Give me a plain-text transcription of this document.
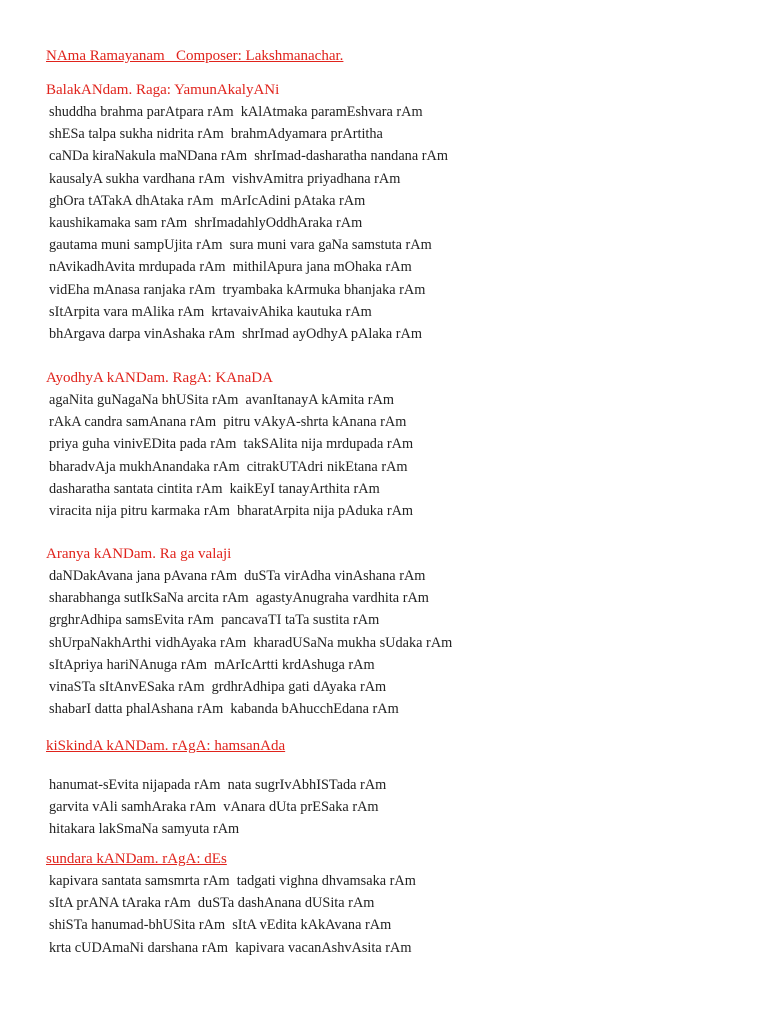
NAma Ramayanam   Composer: Lakshmanachar.
BalakANdam. Raga: YamunAkalyANi
shuddha brahma parAtpara rAm  kAlAtmaka paramEshvara rAm
shESa talpa sukha nidrita rAm  brahmAdyamara prArtitha
caNDa kiraNakula maNDana rAm  shrImad-dasharatha nandana rAm
kausalyA sukha vardhana rAm  vishvAmitra priyadhana rAm
ghOra tATakA dhAtaka rAm  mArIcAdini pAtaka rAm
kaushikamaka sam rAm  shrImadahlyOddhAraka rAm
gautama muni sampUjita rAm  sura muni vara gaNa samstuta rAm
nAvikadhAvita mrdupada rAm  mithilApura jana mOhaka rAm
vidEha mAnasa ranjaka rAm  tryambaka kArmuka bhanjaka rAm
sItArpita vara mAlika rAm  krtavaivAhika kautuka rAm
bhArgava darpa vinAshaka rAm  shrImad ayOdhyA pAlaka rAm
AyodhyA kANDam. RagA: KAnaDA
agaNita guNagaNa bhUSita rAm  avanItanayA kAmita rAm
rAkA candra samAnana rAm  pitru vAkyA-shrta kAnana rAm
priya guha vinivEDita pada rAm  takSAlita nija mrdupada rAm
bharadvAja mukhAnandaka rAm  citrakUTAdri nikEtana rAm
dasharatha santata cintita rAm  kaikEyI tanayArthita rAm
viracita nija pitru karmaka rAm  bharatArpita nija pAduka rAm
Aranya kANDam. Ra ga valaji
daNDakAvana jana pAvana rAm  duSTa virAdha vinAshana rAm
sharabhanga sutIkSaNa arcita rAm  agastyAnugraha vardhita rAm
grghrAdhipa samsEvita rAm  pancavaTI taTa sustita rAm
shUrpaNakhArthi vidhAyaka rAm  kharadUSaNa mukha sUdaka rAm
sItApriya hariNAnuga rAm  mArIcArtti krdAshuga rAm
vinaSTa sItAnvESaka rAm  grdhrAdhipa gati dAyaka rAm
shabarI datta phalAshana rAm  kabanda bAhucchEdana rAm
kiSkindA kANDam. rAgA: hamsanAda
hanumat-sEvita nijapada rAm  nata sugrIvAbhISTada rAm
garvita vAli samhAraka rAm  vAnara dUta prESaka rAm
hitakara lakSmaNa samyuta rAm
sundara kANDam. rAgA: dEs
kapivara santata samsmrta rAm  tadgati vighna dhvamsaka rAm
sItA prANA tAraka rAm  duSTa dashAnana dUSita rAm
shiSTa hanumad-bhUSita rAm  sItA vEdita kAkAvana rAm
krta cUDAmaNi darshana rAm  kapivara vacanAshvAsita rAm
